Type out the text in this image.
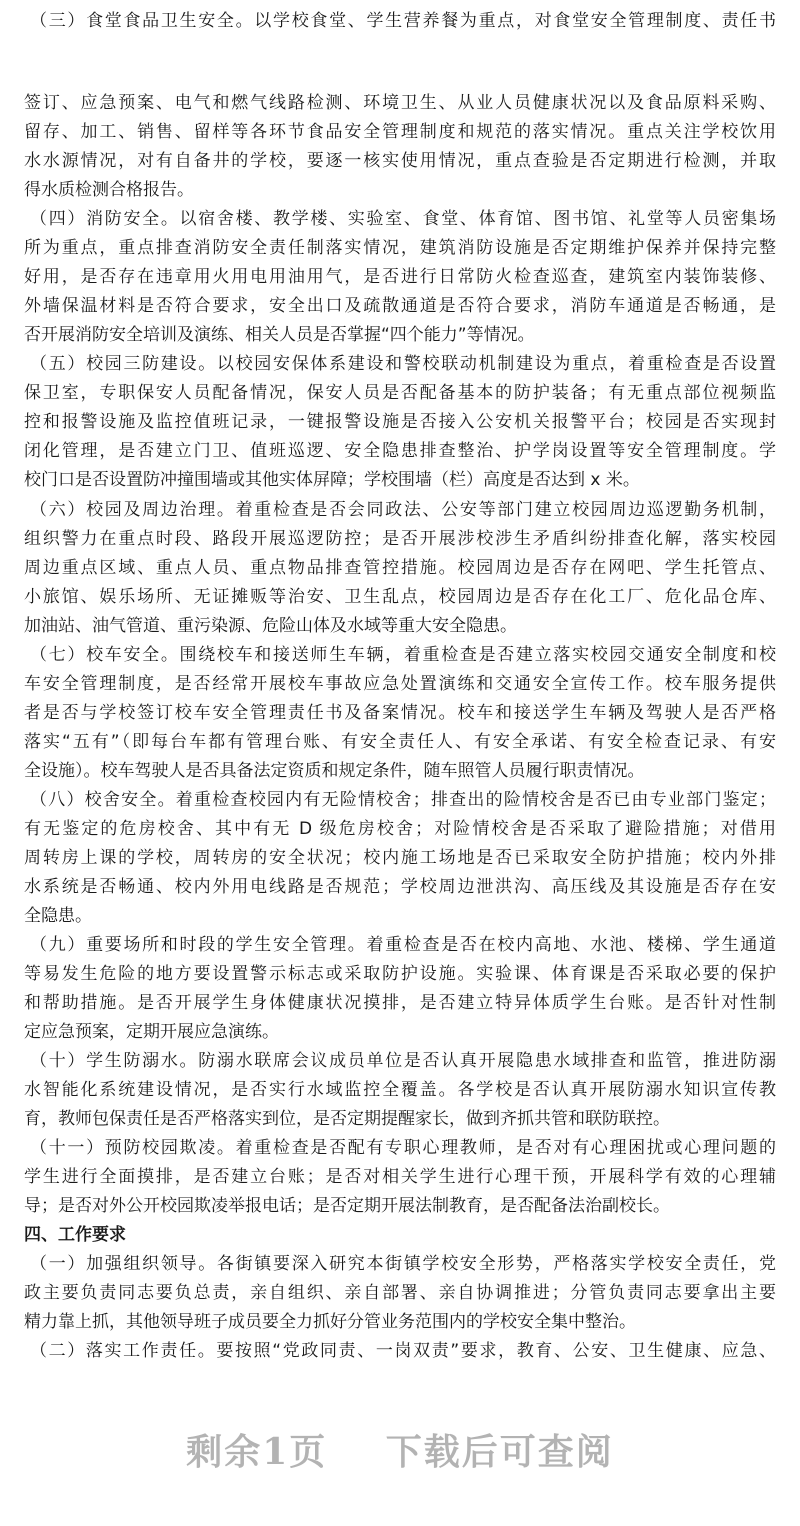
（三）食堂食品卫生安全。以学校食堂、学生营养餐为重点，对食堂安全管理制度、责任书
签订、应急预案、电气和燃气线路检测、环境卫生、从业人员健康状况以及食品原料采购、
留存、加工、销售、留样等各环节食品安全管理制度和规范的落实情况。重点关注学校饮用
水水源情况，对有自备井的学校，要逐一核实使用情况，重点查验是否定期进行检测，并取
得水质检测合格报告。
（四）消防安全。以宿舍楼、教学楼、实验室、食堂、体育馆、图书馆、礼堂等人员密集场
所为重点，重点排查消防安全责任制落实情况，建筑消防设施是否定期维护保养并保持完整
好用，是否存在违章用火用电用油用气，是否进行日常防火检查巡查，建筑室内装饰装修、
外墙保温材料是否符合要求，安全出口及疏散通道是否符合要求，消防车通道是否畅通，是
否开展消防安全培训及演练、相关人员是否掌握“四个能力”等情况。
（五）校园三防建设。以校园安保体系建设和警校联动机制建设为重点，着重检查是否设置
保卫室，专职保安人员配备情况，保安人员是否配备基本的防护装备；有无重点部位视频监
控和报警设施及监控值班记录，一键报警设施是否接入公安机关报警平台；校园是否实现封
闭化管理，是否建立门卫、值班巡逻、安全隐患排查整治、护学岗设置等安全管理制度。学
校门口是否设置防冲撞围墙或其他实体屏障；学校围墙（栏）高度是否达到 x 米。
（六）校园及周边治理。着重检查是否会同政法、公安等部门建立校园周边巡逻勤务机制，
组织警力在重点时段、路段开展巡逻防控；是否开展涉校涉生矛盾纠纷排查化解，落实校园
周边重点区域、重点人员、重点物品排查管控措施。校园周边是否存在网吧、学生托管点、
小旅馆、娱乐场所、无证摊贩等治安、卫生乱点，校园周边是否存在化工厂、危化品仓库、
加油站、油气管道、重污染源、危险山体及水域等重大安全隐患。
（七）校车安全。围绕校车和接送师生车辆，着重检查是否建立落实校园交通安全制度和校
车安全管理制度，是否经常开展校车事故应急处置演练和交通安全宣传工作。校车服务提供
者是否与学校签订校车安全管理责任书及备案情况。校车和接送学生车辆及驾驶人是否严格
落实“五有”（即每台车都有管理台账、有安全责任人、有安全承诺、有安全检查记录、有安
全设施）。校车驾驶人是否具备法定资质和规定条件，随车照管人员履行职责情况。
（八）校舍安全。着重检查校园内有无险情校舍；排查出的险情校舍是否已由专业部门鉴定；
有无鉴定的危房校舍、其中有无 D 级危房校舍；对险情校舍是否采取了避险措施；对借用
周转房上课的学校，周转房的安全状况；校内施工场地是否已采取安全防护措施；校内外排
水系统是否畅通、校内外用电线路是否规范；学校周边泄洪沟、高压线及其设施是否存在安
全隐患。
（九）重要场所和时段的学生安全管理。着重检查是否在校内高地、水池、楼梯、学生通道
等易发生危险的地方要设置警示标志或采取防护设施。实验课、体育课是否采取必要的保护
和帮助措施。是否开展学生身体健康状况摸排，是否建立特异体质学生台账。是否针对性制
定应急预案，定期开展应急演练。
（十）学生防溺水。防溺水联席会议成员单位是否认真开展隐患水域排查和监管，推进防溺
水智能化系统建设情况，是否实行水域监控全覆盖。各学校是否认真开展防溺水知识宣传教
育，教师包保责任是否严格落实到位，是否定期提醒家长，做到齐抓共管和联防联控。
（十一）预防校园欺凌。着重检查是否配有专职心理教师，是否对有心理困扰或心理问题的
学生进行全面摸排，是否建立台账；是否对相关学生进行心理干预，开展科学有效的心理辅
导；是否对外公开校园欺凌举报电话；是否定期开展法制教育，是否配备法治副校长。
四、工作要求
（一）加强组织领导。各街镇要深入研究本街镇学校安全形势，严格落实学校安全责任，党
政主要负责同志要负总责，亲自组织、亲自部署、亲自协调推进；分管负责同志要拿出主要
精力靠上抓，其他领导班子成员要全力抓好分管业务范围内的学校安全集中整治。
（二）落实工作责任。要按照“党政同责、一岗双责”要求，教育、公安、卫生健康、应急、
剩余1页 下载后可查阅
